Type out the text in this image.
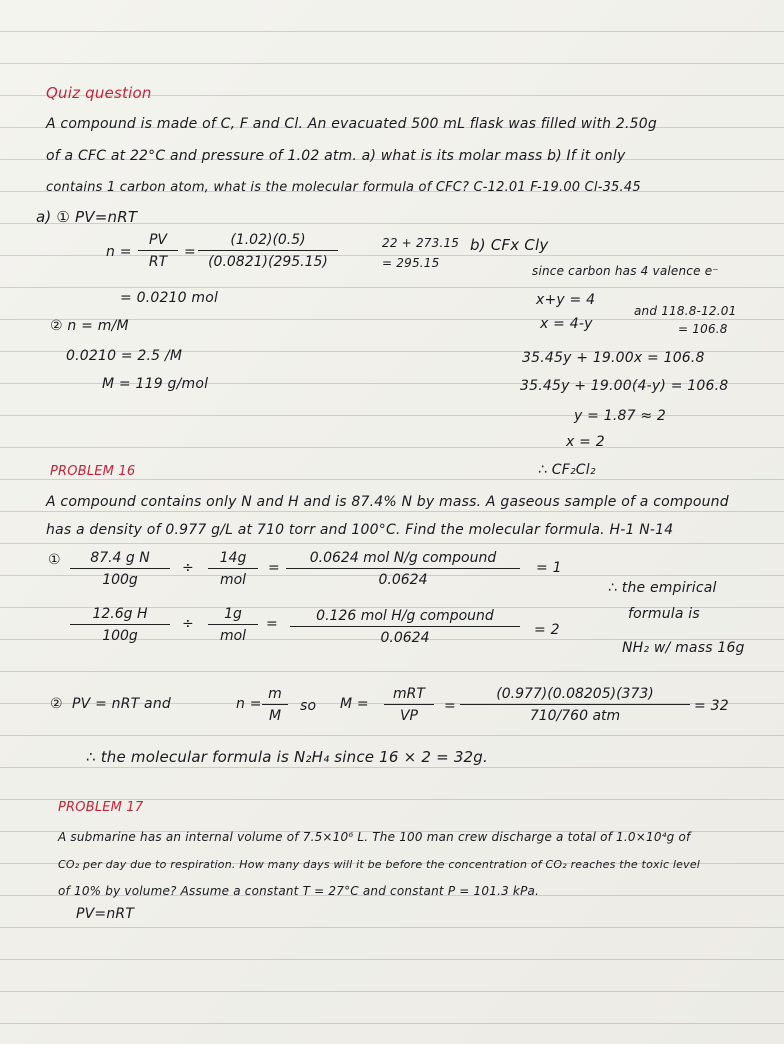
Quiz question
A compound is made of C, F and Cl. An evacuated 500 mL flask was filled with 2.50g
of a CFC at 22°C and pressure of 1.02 atm. a) what is its molar mass b) If it only
contains 1 carbon atom, what is the molecular formula of CFC? C-12.01 F-19.00 Cl-35.45
a) ① PV=nRT
$n = \frac{PV}{RT} = \frac{(1.02)(0.5)}{(0.0821)(295.15)}$	22 + 273.15
= 295.15
= 0.0210 mol
② n = m/M
0.0210 = 2.5 /M
M = 119 g/mol
b) CFx Cly
since carbon has 4 valence e⁻
x+y = 4
and 118.8-12.01
x = 4-y	= 106.8
35.45y + 19.00x = 106.8
35.45y + 19.00(4-y) = 106.8
y = 1.87 ≈ 2
x = 2
∴ CF₂Cl₂
PROBLEM 16
A compound contains only N and H and is 87.4% N by mass. A gaseous sample of a compound
has a density of 0.977 g/L at 710 torr and 100°C. Find the molecular formula. H-1 N-14
① $\frac{\text{87.4 g N}}{100g}$ ÷
14g
mol
=
0.0624 mol N/g compound
0.0624
= 1
$\frac{\text{12.6g H}}{100g}$ ÷
1g
mol
=	0.126 mol H/g compound
0.0624	= 2
∴ the empirical
formula is
NH₂ w/ mass 16g
② PV = nRT and	$n = \frac{m}{M}$ so M =
mRT
VP
=
(0.977)(0.08205)(373)
710/760 atm
= 32
∴ the molecular formula is N₂H₄ since 16 × 2 = 32g.
PROBLEM 17
A submarine has an internal volume of 7.5×10⁶ L. The 100 man crew discharge a total of 1.0×10⁴g of
CO₂ per day due to respiration. How many days will it be before the concentration of CO₂ reaches the toxic level
of 10% by volume? Assume a constant T = 27°C and constant P = 101.3 kPa.
PV=nRT
